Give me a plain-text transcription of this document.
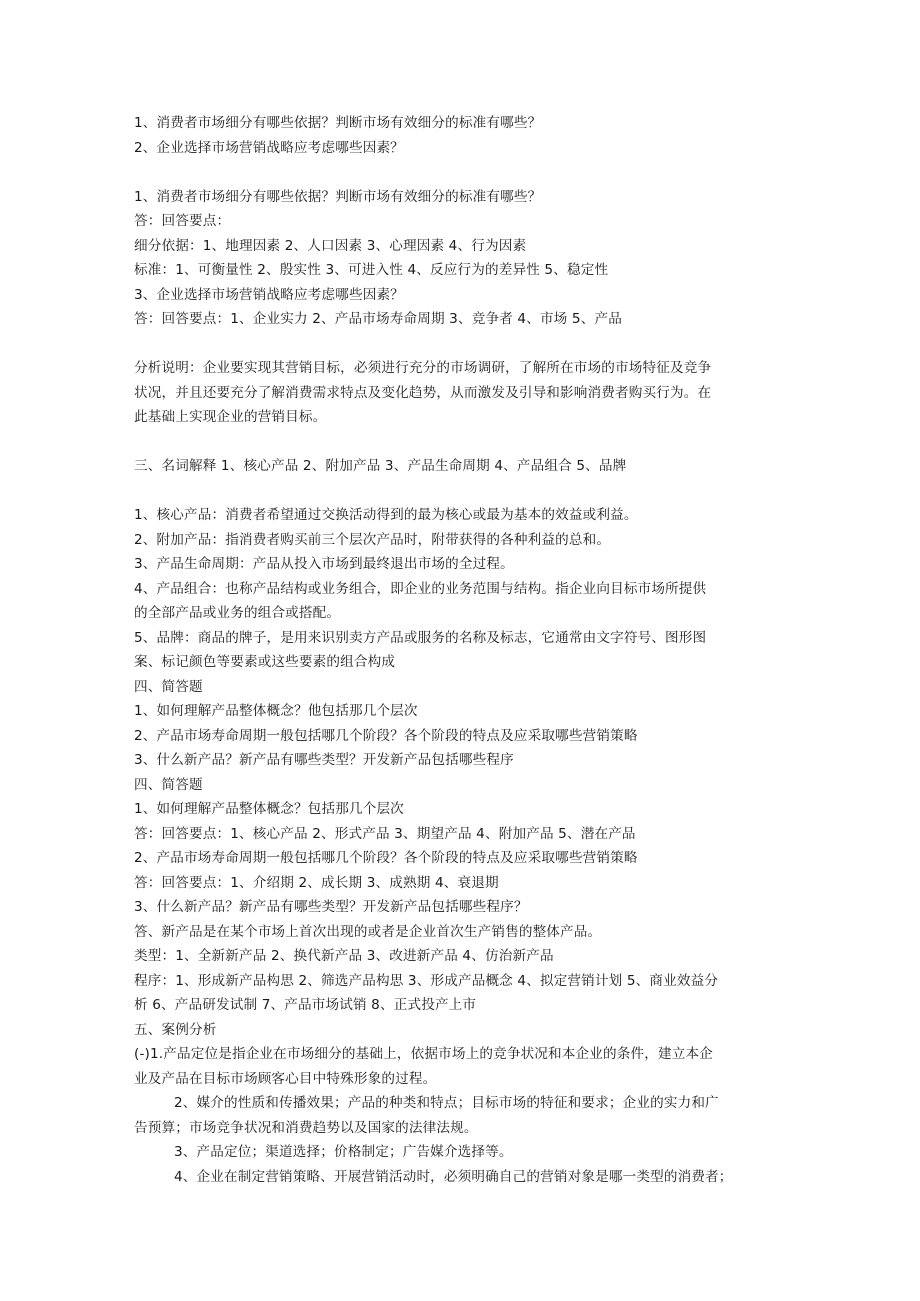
1、消费者市场细分有哪些依据？判断市场有效细分的标准有哪些？
2、企业选择市场营销战略应考虑哪些因素？
1、消费者市场细分有哪些依据？判断市场有效细分的标准有哪些？
答：回答要点：
细分依据：1、地理因素 2、人口因素 3、心理因素 4、行为因素
标准：1、可衡量性 2、殷实性 3、可进入性 4、反应行为的差异性 5、稳定性
3、企业选择市场营销战略应考虑哪些因素？
答：回答要点：1、企业实力 2、产品市场寿命周期 3、竞争者 4、市场 5、产品
分析说明：企业要实现其营销目标，必须进行充分的市场调研，了解所在市场的市场特征及竞争
状况，并且还要充分了解消费需求特点及变化趋势，从而激发及引导和影响消费者购买行为。在
此基础上实现企业的营销目标。
三、名词解释 1、核心产品 2、附加产品 3、产品生命周期 4、产品组合 5、品牌
1、核心产品：消费者希望通过交换活动得到的最为核心或最为基本的效益或利益。
2、附加产品：指消费者购买前三个层次产品时，附带获得的各种利益的总和。
3、产品生命周期：产品从投入市场到最终退出市场的全过程。
4、产品组合：也称产品结构或业务组合，即企业的业务范围与结构。指企业向目标市场所提供
的全部产品或业务的组合或搭配。
5、品牌：商品的牌子，是用来识别卖方产品或服务的名称及标志，它通常由文字符号、图形图
案、标记颜色等要素或这些要素的组合构成
四、简答题
1、如何理解产品整体概念？他包括那几个层次
2、产品市场寿命周期一般包括哪几个阶段？各个阶段的特点及应采取哪些营销策略
3、什么新产品？新产品有哪些类型？开发新产品包括哪些程序
四、简答题
1、如何理解产品整体概念？包括那几个层次
答：回答要点：1、核心产品 2、形式产品 3、期望产品 4、附加产品 5、潜在产品
2、产品市场寿命周期一般包括哪几个阶段？各个阶段的特点及应采取哪些营销策略
答：回答要点：1、介绍期 2、成长期 3、成熟期 4、衰退期
3、什么新产品？新产品有哪些类型？开发新产品包括哪些程序？
答、新产品是在某个市场上首次出现的或者是企业首次生产销售的整体产品。
类型：1、全新新产品 2、换代新产品 3、改进新产品 4、仿治新产品
程序：1、形成新产品构思 2、筛选产品构思 3、形成产品概念 4、拟定营销计划 5、商业效益分
析 6、产品研发试制 7、产品市场试销 8、正式投产上市
五、案例分析
(-)1.产品定位是指企业在市场细分的基础上，依据市场上的竞争状况和本企业的条件，建立本企
业及产品在目标市场顾客心目中特殊形象的过程。
2、媒介的性质和传播效果；产品的种类和特点；目标市场的特征和要求；企业的实力和广
告预算；市场竞争状况和消费趋势以及国家的法律法规。
3、产品定位；渠道选择；价格制定；广告媒介选择等。
4、企业在制定营销策略、开展营销活动时，必须明确自己的营销对象是哪一类型的消费者；
